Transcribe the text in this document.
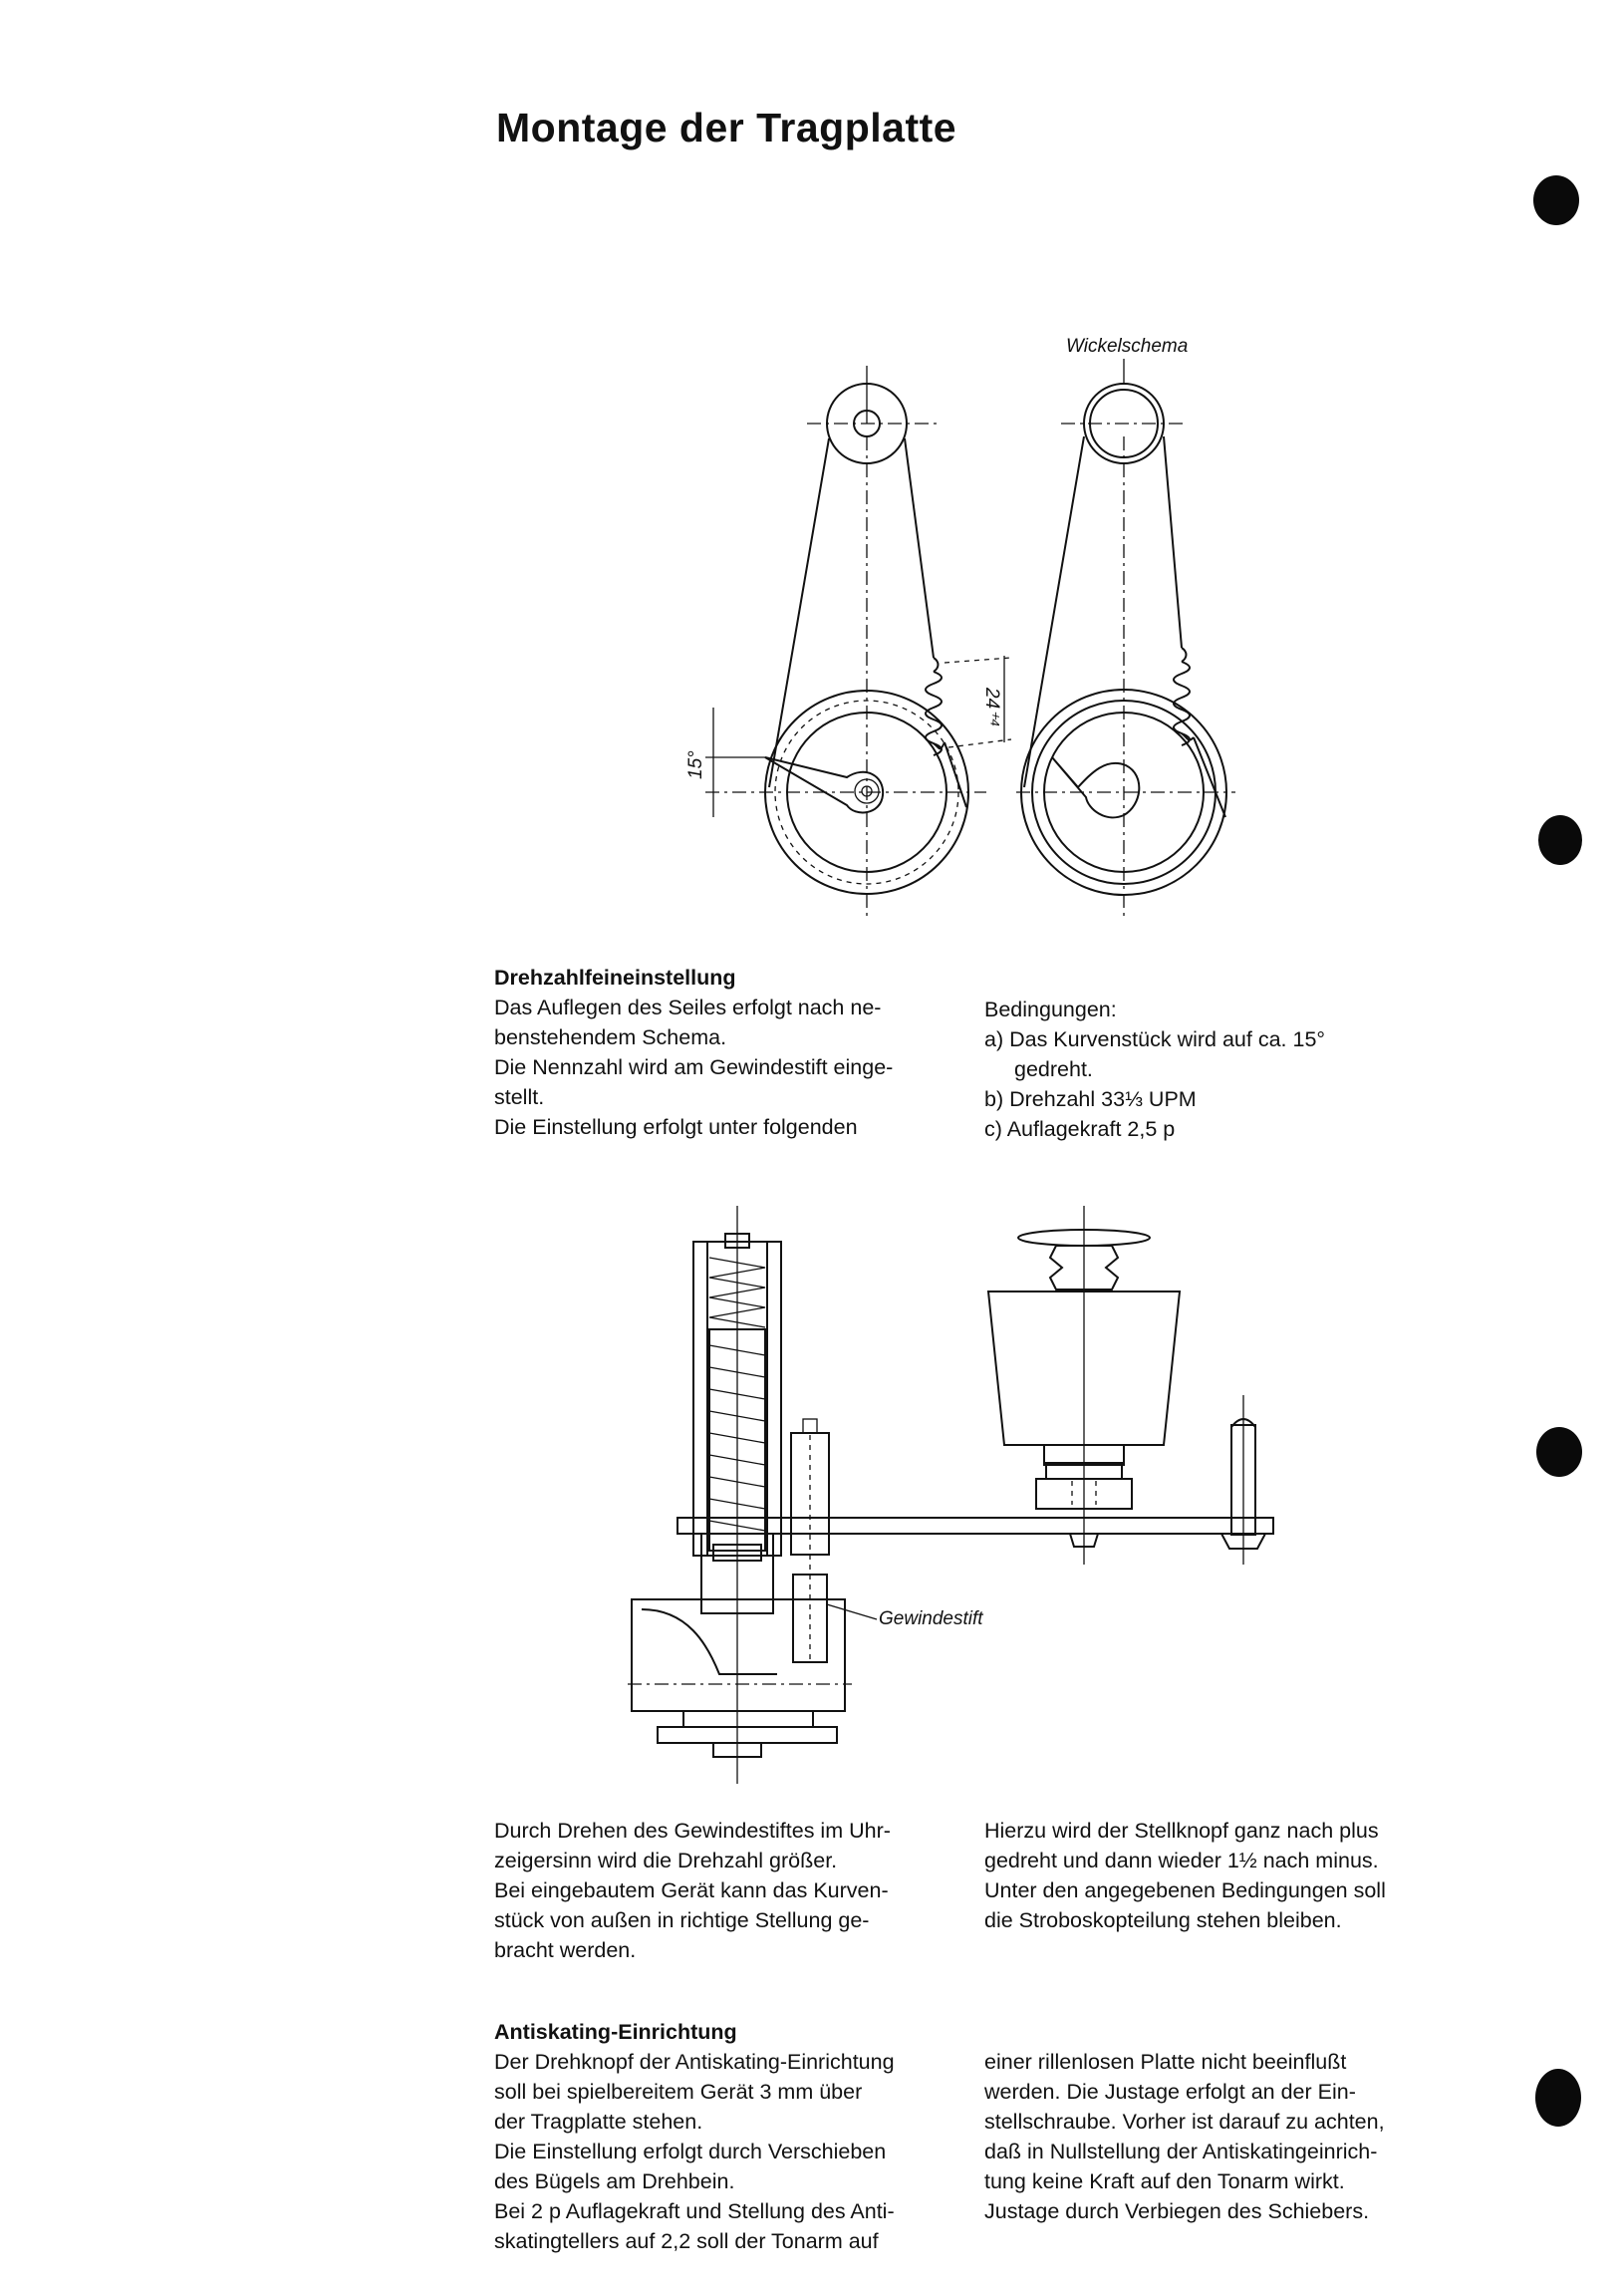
Montage der Tragplatte
24⁺⁴
15°
Wickelschema

Drehzahlfeineinstellung

Das Auflegen des Seiles erfolgt nach ne-

benstehendem Schema.

Die Nennzahl wird am Gewindestift einge-

stellt.

Die Einstellung erfolgt unter folgenden

Bedingungen:

a) Das Kurvenstück wird auf ca. 15°

gedreht.

b) Drehzahl 33⅓ UPM

c) Auflagekraft 2,5 p

Gewindestift

Durch Drehen des Gewindestiftes im Uhr-

zeigersinn wird die Drehzahl größer.

Bei eingebautem Gerät kann das Kurven-

stück von außen in richtige Stellung ge-

bracht werden.

Hierzu wird der Stellknopf ganz nach plus

gedreht und dann wieder 1½ nach minus.

Unter den angegebenen Bedingungen soll

die Stroboskopteilung stehen bleiben.

Antiskating-Einrichtung

Der Drehknopf der Antiskating-Einrichtung

soll bei spielbereitem Gerät 3 mm über

der Tragplatte stehen.

Die Einstellung erfolgt durch Verschieben

des Bügels am Drehbein.

Bei 2 p Auflagekraft und Stellung des Anti-

skatingtellers auf 2,2 soll der Tonarm auf

einer rillenlosen Platte nicht beeinflußt

werden. Die Justage erfolgt an der Ein-

stellschraube. Vorher ist darauf zu achten,

daß in Nullstellung der Antiskatingeinrich-

tung keine Kraft auf den Tonarm wirkt.

Justage durch Verbiegen des Schiebers.
